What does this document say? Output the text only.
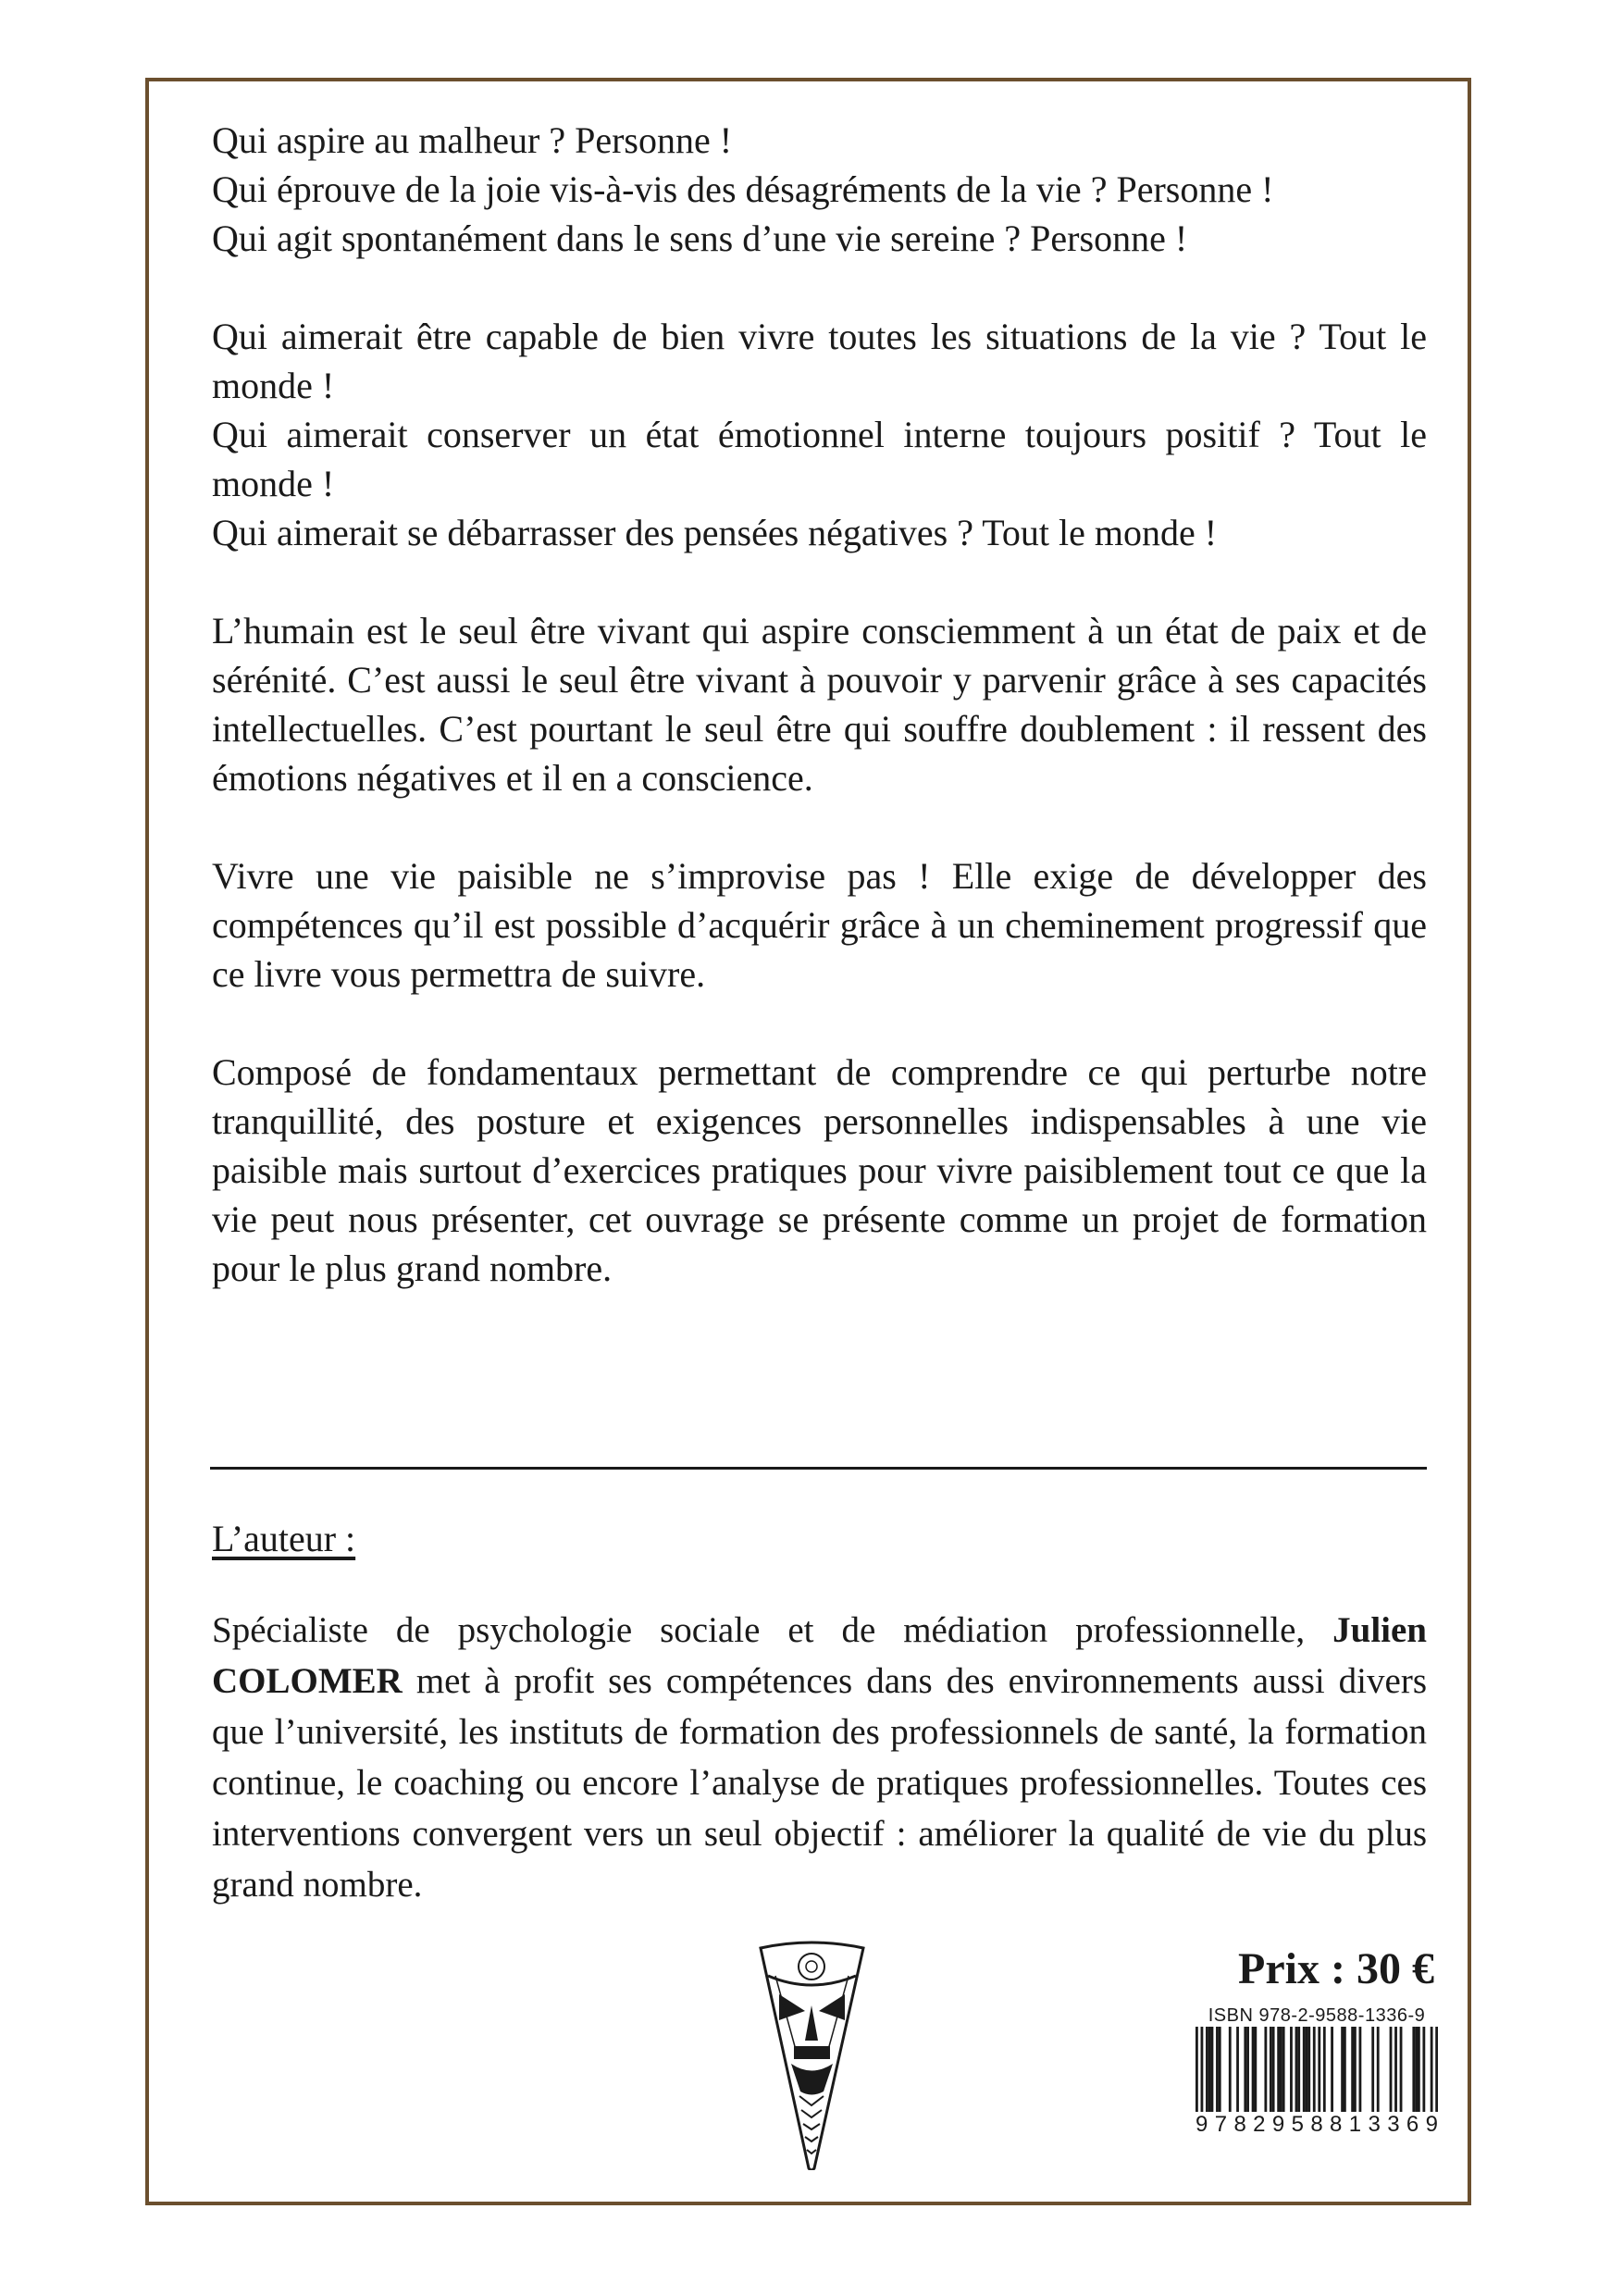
Qui aspire au malheur ? Personne !

Qui éprouve de la joie vis-à-vis des désagréments de la vie ? Personne !

Qui agit spontanément dans le sens d’une vie sereine ? Personne !

Qui aimerait être capable de bien vivre toutes les situations de la vie ? Tout le monde !

Qui aimerait conserver un état émotionnel interne toujours positif ? Tout le monde !

Qui aimerait se débarrasser des pensées négatives ? Tout le monde !

L’humain est le seul être vivant qui aspire consciemment à un état de paix et de sérénité. C’est aussi le seul être vivant à pouvoir y parvenir grâce à ses capacités intellectuelles. C’est pourtant le seul être qui souffre doublement : il ressent des émotions négatives et il en a conscience.

Vivre une vie paisible ne s’improvise pas ! Elle exige de développer des compétences qu’il est possible d’acquérir grâce à un cheminement progressif que ce livre vous permettra de suivre.

Composé de fondamentaux permettant de comprendre ce qui perturbe notre tranquillité, des posture et exigences personnelles indispensables à une vie paisible mais surtout d’exercices pratiques pour vivre paisiblement tout ce que la vie peut nous présenter, cet ouvrage se présente comme un projet de formation pour le plus grand nombre.

L’auteur :
Spécialiste de psychologie sociale et de médiation professionnelle, Julien COLOMER met à profit ses compétences dans des environnements aussi divers que l’université, les instituts de formation des professionnels de santé, la formation continue, le coaching ou encore l’analyse de pratiques professionnelles. Toutes ces interventions convergent vers un seul objectif : améliorer la qualité de vie du plus grand nombre.
Prix : 30 €
ISBN 978-2-9588-1336-9
9 7 8 2 9 5 8 8 1 3 3 6 9
